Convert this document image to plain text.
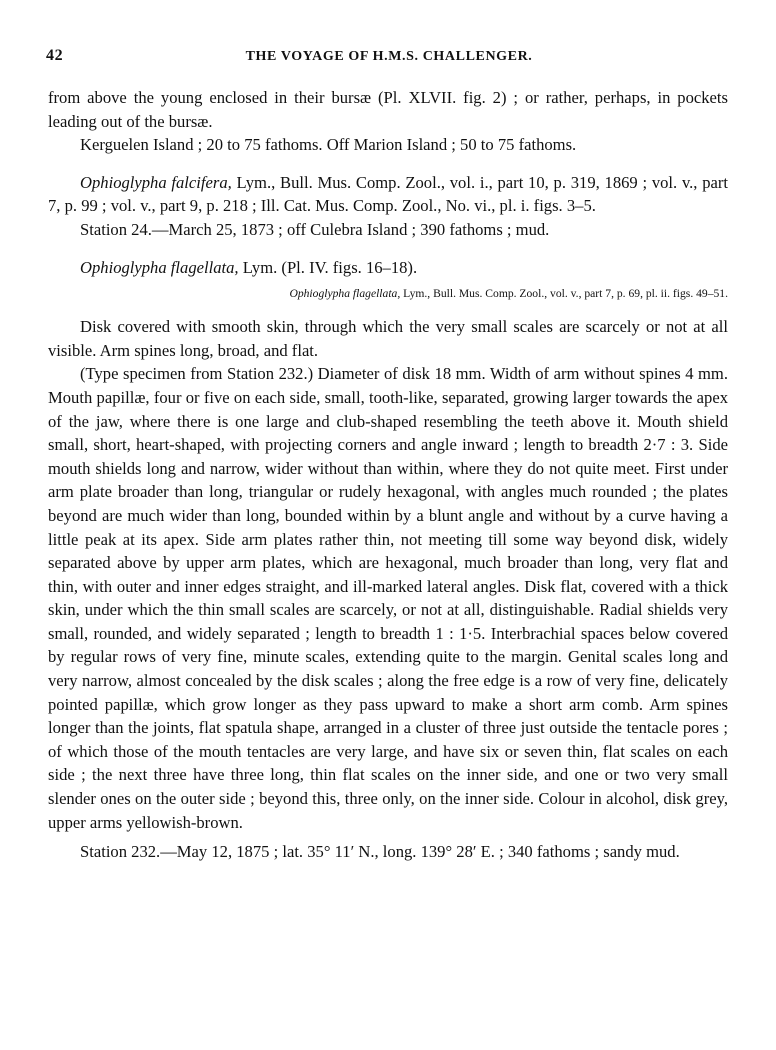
42	THE VOYAGE OF H.M.S. CHALLENGER.

from above the young enclosed in their bursæ (Pl. XLVII. fig. 2) ; or rather, perhaps, in pockets leading out of the bursæ.

Kerguelen Island ; 20 to 75 fathoms. Off Marion Island ; 50 to 75 fathoms.

Ophioglypha falcifera, Lym., Bull. Mus. Comp. Zool., vol. i., part 10, p. 319, 1869 ; vol. v., part 7, p. 99 ; vol. v., part 9, p. 218 ; Ill. Cat. Mus. Comp. Zool., No. vi., pl. i. figs. 3–5.

Station 24.—March 25, 1873 ; off Culebra Island ; 390 fathoms ; mud.

Ophioglypha flagellata, Lym. (Pl. IV. figs. 16–18).

Ophioglypha flagellata, Lym., Bull. Mus. Comp. Zool., vol. v., part 7, p. 69, pl. ii. figs. 49–51.

Disk covered with smooth skin, through which the very small scales are scarcely or not at all visible. Arm spines long, broad, and flat.

(Type specimen from Station 232.) Diameter of disk 18 mm. Width of arm without spines 4 mm. Mouth papillæ, four or five on each side, small, tooth-like, separated, growing larger towards the apex of the jaw, where there is one large and club-shaped resembling the teeth above it. Mouth shield small, short, heart-shaped, with projecting corners and angle inward ; length to breadth 2·7 : 3. Side mouth shields long and narrow, wider without than within, where they do not quite meet. First under arm plate broader than long, triangular or rudely hexagonal, with angles much rounded ; the plates beyond are much wider than long, bounded within by a blunt angle and without by a curve having a little peak at its apex. Side arm plates rather thin, not meeting till some way beyond disk, widely separated above by upper arm plates, which are hexagonal, much broader than long, very flat and thin, with outer and inner edges straight, and ill-marked lateral angles. Disk flat, covered with a thick skin, under which the thin small scales are scarcely, or not at all, distinguishable. Radial shields very small, rounded, and widely separated ; length to breadth 1 : 1·5. Interbrachial spaces below covered by regular rows of very fine, minute scales, extending quite to the margin. Genital scales long and very narrow, almost concealed by the disk scales ; along the free edge is a row of very fine, delicately pointed papillæ, which grow longer as they pass upward to make a short arm comb. Arm spines longer than the joints, flat spatula shape, arranged in a cluster of three just outside the tentacle pores ; of which those of the mouth tentacles are very large, and have six or seven thin, flat scales on each side ; the next three have three long, thin flat scales on the inner side, and one or two very small slender ones on the outer side ; beyond this, three only, on the inner side. Colour in alcohol, disk grey, upper arms yellowish-brown.

Station 232.—May 12, 1875 ; lat. 35° 11′ N., long. 139° 28′ E. ; 340 fathoms ; sandy mud.
